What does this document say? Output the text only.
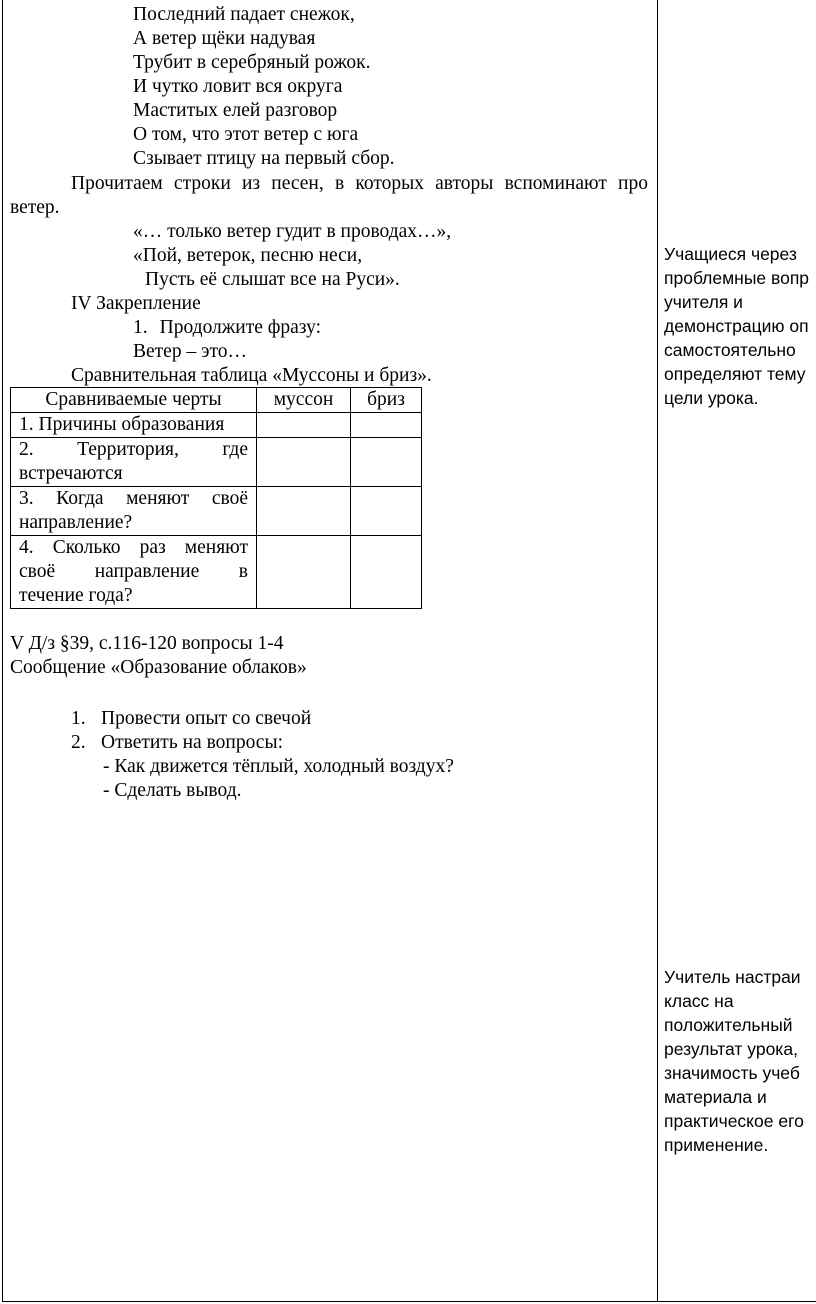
Последний падает снежок,
А ветер щёки надувая
Трубит в серебряный рожок.
И чутко ловит вся округа
Маститых елей разговор
О том, что этот ветер с юга
Сзывает птицу на первый сбор.
Прочитаем строки из песен, в которых авторы вспоминают про
ветер.
«… только ветер гудит в проводах…»,
«Пой, ветерок, песню неси,
Пусть её слышат все на Руси».
IV Закрепление
1. Продолжите фразу:
Ветер – это…
Сравнительная таблица «Муссоны и бриз».
Сравниваемые черты	муссон	бриз
1. Причины образования		

2. Территория, где
встречаются		

3. Когда меняют своё
направление?		

4. Сколько раз меняют
своё направление в
течение года?		

V Д/з §39, с.116-120 вопросы 1-4
Сообщение «Образование облаков»
1. Провести опыт со свечой
2. Ответить на вопросы:
- Как движется тёплый, холодный воздух?
- Сделать вывод.
Учащиеся через
проблемные вопр
учителя и
демонстрацию оп
самостоятельно
определяют тему
цели урока.
Учитель настраи
класс на
положительный
результат урока,
значимость учеб
материала и
практическое его
применение.
